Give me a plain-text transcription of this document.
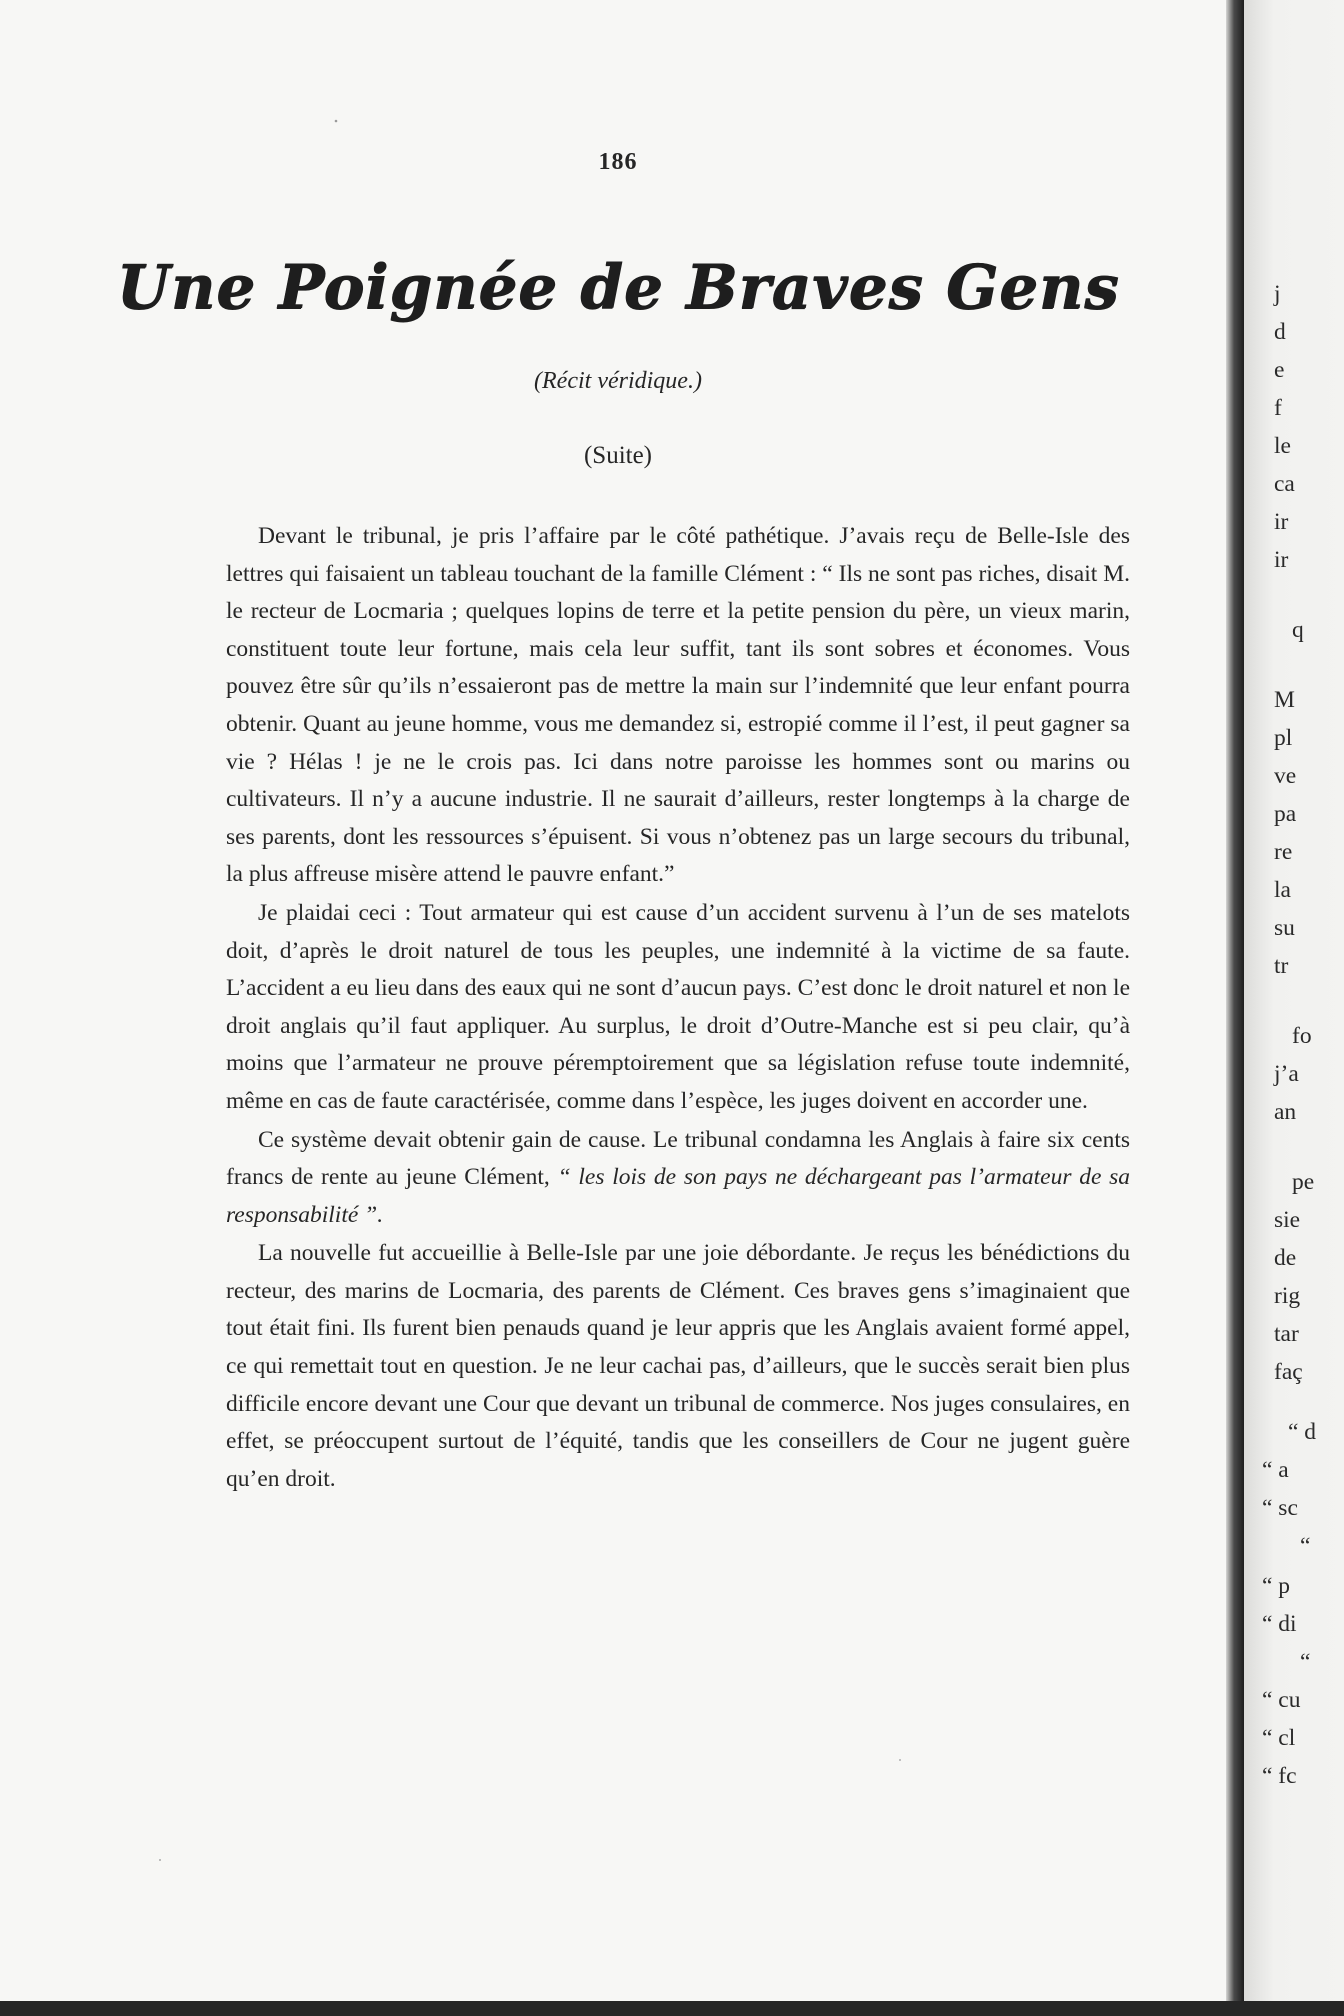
186
Une Poignée de Braves Gens
(Récit véridique.)
(Suite)

Devant le tribunal, je pris l’affaire par le côté pathétique. J’avais reçu de Belle-Isle des lettres qui faisaient un tableau touchant de la famille Clément : “ Ils ne sont pas riches, disait M. le recteur de Locmaria ; quelques lopins de terre et la petite pension du père, un vieux marin, constituent toute leur fortune, mais cela leur suffit, tant ils sont sobres et économes. Vous pouvez être sûr qu’ils n’essaieront pas de mettre la main sur l’indemnité que leur enfant pourra obtenir. Quant au jeune homme, vous me demandez si, estropié comme il l’est, il peut gagner sa vie ? Hélas ! je ne le crois pas. Ici dans notre paroisse les hommes sont ou marins ou cultivateurs. Il n’y a aucune industrie. Il ne saurait d’ailleurs, rester longtemps à la charge de ses parents, dont les ressources s’épuisent. Si vous n’obtenez pas un large secours du tribunal, la plus affreuse misère attend le pauvre enfant.”

Je plaidai ceci : Tout armateur qui est cause d’un accident survenu à l’un de ses matelots doit, d’après le droit naturel de tous les peuples, une indemnité à la victime de sa faute. L’accident a eu lieu dans des eaux qui ne sont d’aucun pays. C’est donc le droit naturel et non le droit anglais qu’il faut appliquer. Au surplus, le droit d’Outre-Manche est si peu clair, qu’à moins que l’armateur ne prouve péremptoirement que sa législation refuse toute indemnité, même en cas de faute caractérisée, comme dans l’espèce, les juges doivent en accorder une.

Ce système devait obtenir gain de cause. Le tribunal condamna les Anglais à faire six cents francs de rente au jeune Clément, “ les lois de son pays ne déchargeant pas l’armateur de sa responsabilité ”.

La nouvelle fut accueillie à Belle-Isle par une joie débordante. Je reçus les bénédictions du recteur, des marins de Locmaria, des parents de Clément. Ces braves gens s’imaginaient que tout était fini. Ils furent bien penauds quand je leur appris que les Anglais avaient formé appel, ce qui remettait tout en question. Je ne leur cachai pas, d’ailleurs, que le succès serait bien plus difficile encore devant une Cour que devant un tribunal de commerce. Nos juges consulaires, en effet, se préoccupent surtout de l’équité, tandis que les conseillers de Cour ne jugent guère qu’en droit.

j
d
e
f
le
ca
ir
ir
q
M
pl
ve
pa
re
la
su
tr
fo
j’a
an
pe
sie
de
rig
tar
faç
“ d
“ a
“ sc
“
“ p
“ di
“
“ cu
“ cl
“ fc
